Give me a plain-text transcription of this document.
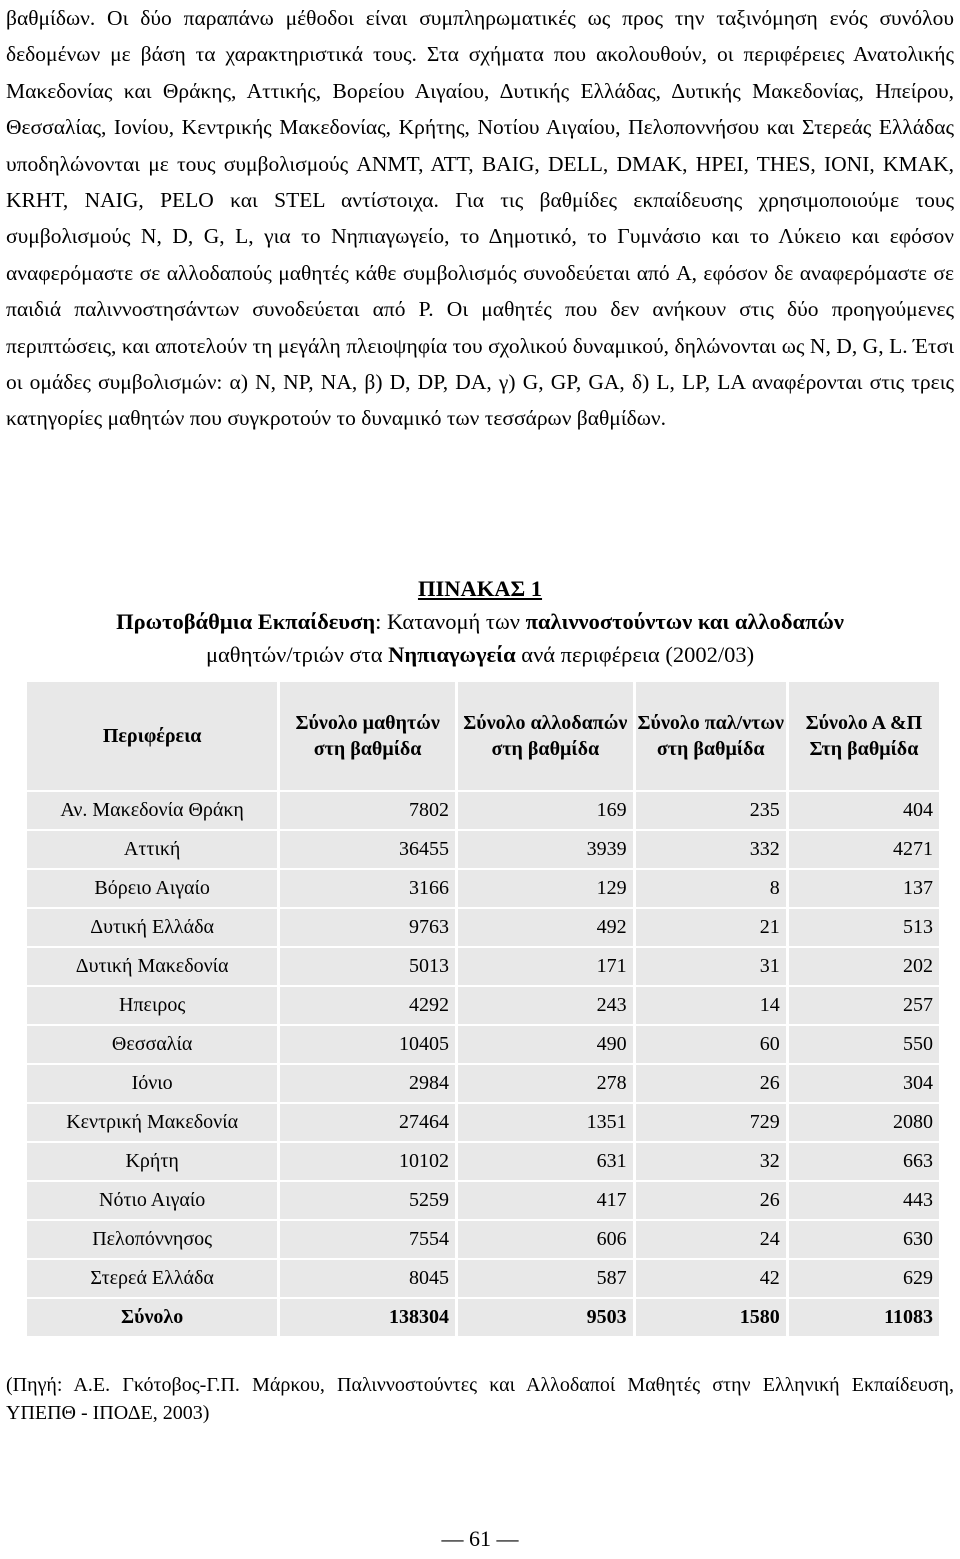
βαθμίδων. Οι δύο παραπάνω μέθοδοι είναι συμπληρωματικές ως προς την ταξινόμηση ενός συνόλου δεδομένων με βάση τα χαρακτηριστικά τους. Στα σχήματα που ακολουθούν, οι περιφέρειες Ανατολικής Μακεδονίας και Θράκης, Αττικής, Βορείου Αιγαίου, Δυτικής Ελλάδας, Δυτικής Μακεδονίας, Ηπείρου, Θεσσαλίας, Ιονίου, Κεντρικής Μακεδονίας, Κρήτης, Νοτίου Αιγαίου, Πελοποννήσου και Στερεάς Ελλάδας υποδηλώνονται με τους συμβολισμούς ANMT, ATT, BAIG, DELL, DMAK, HPEI, THES, IONI, KMAK, KRHT, NAIG, PELO και STEL αντίστοιχα. Για τις βαθμίδες εκπαίδευσης χρησιμοποιούμε τους συμβολισμούς N, D, G, L, για το Νηπιαγωγείο, το Δημοτικό, το Γυμνάσιο και το Λύκειο και εφόσον αναφερόμαστε σε αλλοδαπούς μαθητές κάθε συμβολισμός συνοδεύεται από A, εφόσον δε αναφερόμαστε σε παιδιά παλιννοστησάντων συνοδεύεται από P. Οι μαθητές που δεν ανήκουν στις δύο προηγούμενες περιπτώσεις, και αποτελούν τη μεγάλη πλειοψηφία του σχολικού δυναμικού, δηλώνονται ως N, D, G, L. Έτσι οι ομάδες συμβολισμών: α) N, NP, NA, β) D, DP, DA, γ) G, GP, GA, δ) L, LP, LA αναφέρονται στις τρεις κατηγορίες μαθητών που συγκροτούν το δυναμικό των τεσσάρων βαθμίδων.

ΠΙΝΑΚΑΣ 1
Πρωτοβάθμια Εκπαίδευση: Κατανομή των παλιννοστούντων και αλλοδαπών
μαθητών/τριών στα Νηπιαγωγεία ανά περιφέρεια (2002/03)
Περιφέρεια	Σύνολο μαθητών στη βαθμίδα	Σύνολο αλλοδαπών στη βαθμίδα	Σύνολο παλ/ντων στη βαθμίδα	Σύνολο Α &Π Στη βαθμίδα
Αν. Μακεδονία Θράκη	7802	169	235	404
Αττική	36455	3939	332	4271
Βόρειο Αιγαίο	3166	129	8	137
Δυτική Ελλάδα	9763	492	21	513
Δυτική Μακεδονία	5013	171	31	202
Ηπειρος	4292	243	14	257
Θεσσαλία	10405	490	60	550
Ιόνιο	2984	278	26	304
Κεντρική Μακεδονία	27464	1351	729	2080
Κρήτη	10102	631	32	663
Νότιο Αιγαίο	5259	417	26	443
Πελοπόννησος	7554	606	24	630
Στερεά Ελλάδα	8045	587	42	629
Σύνολο	138304	9503	1580	11083

(Πηγή: Α.Ε. Γκότοβος-Γ.Π. Μάρκου, Παλιννοστούντες και Αλλοδαποί Μαθητές στην Ελληνική Εκπαίδευση, ΥΠΕΠΘ - ΙΠΟΔΕ, 2003)

— 61 —
